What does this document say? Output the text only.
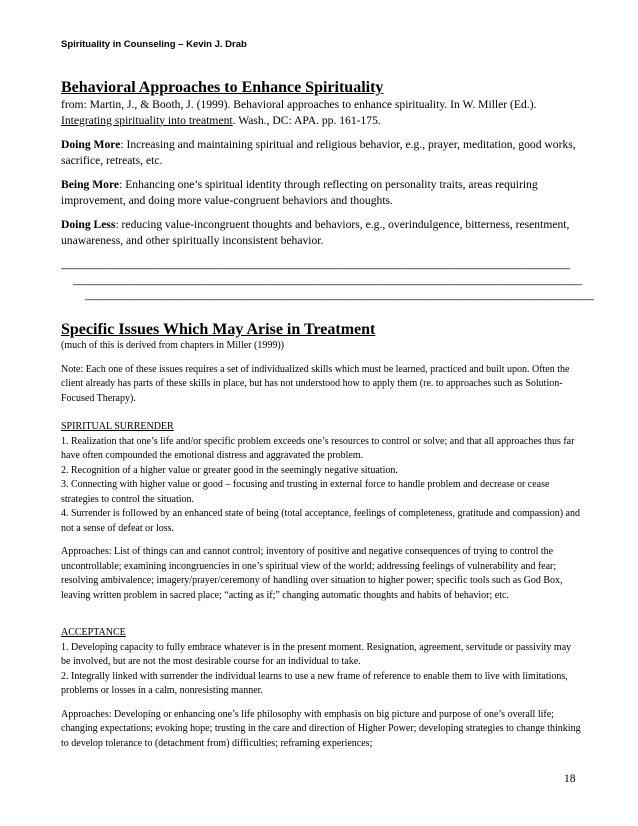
Spirituality in Counseling – Kevin J. Drab
Behavioral Approaches to Enhance Spirituality

from: Martin, J., & Booth, J. (1999). Behavioral approaches to enhance spirituality. In W. Miller (Ed.). Integrating spirituality into treatment. Wash., DC: APA. pp. 161-175.

Doing More: Increasing and maintaining spiritual and religious behavior, e.g., prayer, meditation, good works, sacrifice, retreats, etc.

Being More: Enhancing one’s spiritual identity through reflecting on personality traits, areas requiring improvement, and doing more value-congruent behaviors and thoughts.

Doing Less: reducing value-incongruent thoughts and behaviors, e.g., overindulgence, bitterness, resentment, unawareness, and other spiritually inconsistent behavior.

______________________________________________________________________________________
______________________________________________________________________________________
______________________________________________________________________________________
Specific Issues Which May Arise in Treatment

(much of this is derived from chapters in Miller (1999))

Note: Each one of these issues requires a set of individualized skills which must be learned, practiced and built upon. Often the client already has parts of these skills in place, but has not understood how to apply them (re. to approaches such as Solution-Focused Therapy).

SPIRITUAL SURRENDER

1. Realization that one’s life and/or specific problem exceeds one’s resources to control or solve; and that all approaches thus far have often compounded the emotional distress and aggravated the problem.

2. Recognition of a higher value or greater good in the seemingly negative situation.

3. Connecting with higher value or good – focusing and trusting in external force to handle problem and decrease or cease strategies to control the situation.

4. Surrender is followed by an enhanced state of being (total acceptance, feelings of completeness, gratitude and compassion) and not a sense of defeat or loss.

Approaches: List of things can and cannot control; inventory of positive and negative consequences of trying to control the uncontrollable; examining incongruencies in one’s spiritual view of the world; addressing feelings of vulnerability and fear; resolving ambivalence; imagery/prayer/ceremony of handling over situation to higher power; specific tools such as God Box, leaving written problem in sacred place; “acting as if;” changing automatic thoughts and habits of behavior; etc.

ACCEPTANCE

1. Developing capacity to fully embrace whatever is in the present moment. Resignation, agreement, servitude or passivity may be involved, but are not the most desirable course for an individual to take.

2. Integrally linked with surrender the individual learns to use a new frame of reference to enable them to live with limitations, problems or losses in a calm, nonresisting manner.

Approaches: Developing or enhancing one’s life philosophy with emphasis on big picture and purpose of one’s overall life; changing expectations; evoking hope; trusting in the care and direction of Higher Power; developing strategies to change thinking to develop tolerance to (detachment from) difficulties; reframing experiences;

18
